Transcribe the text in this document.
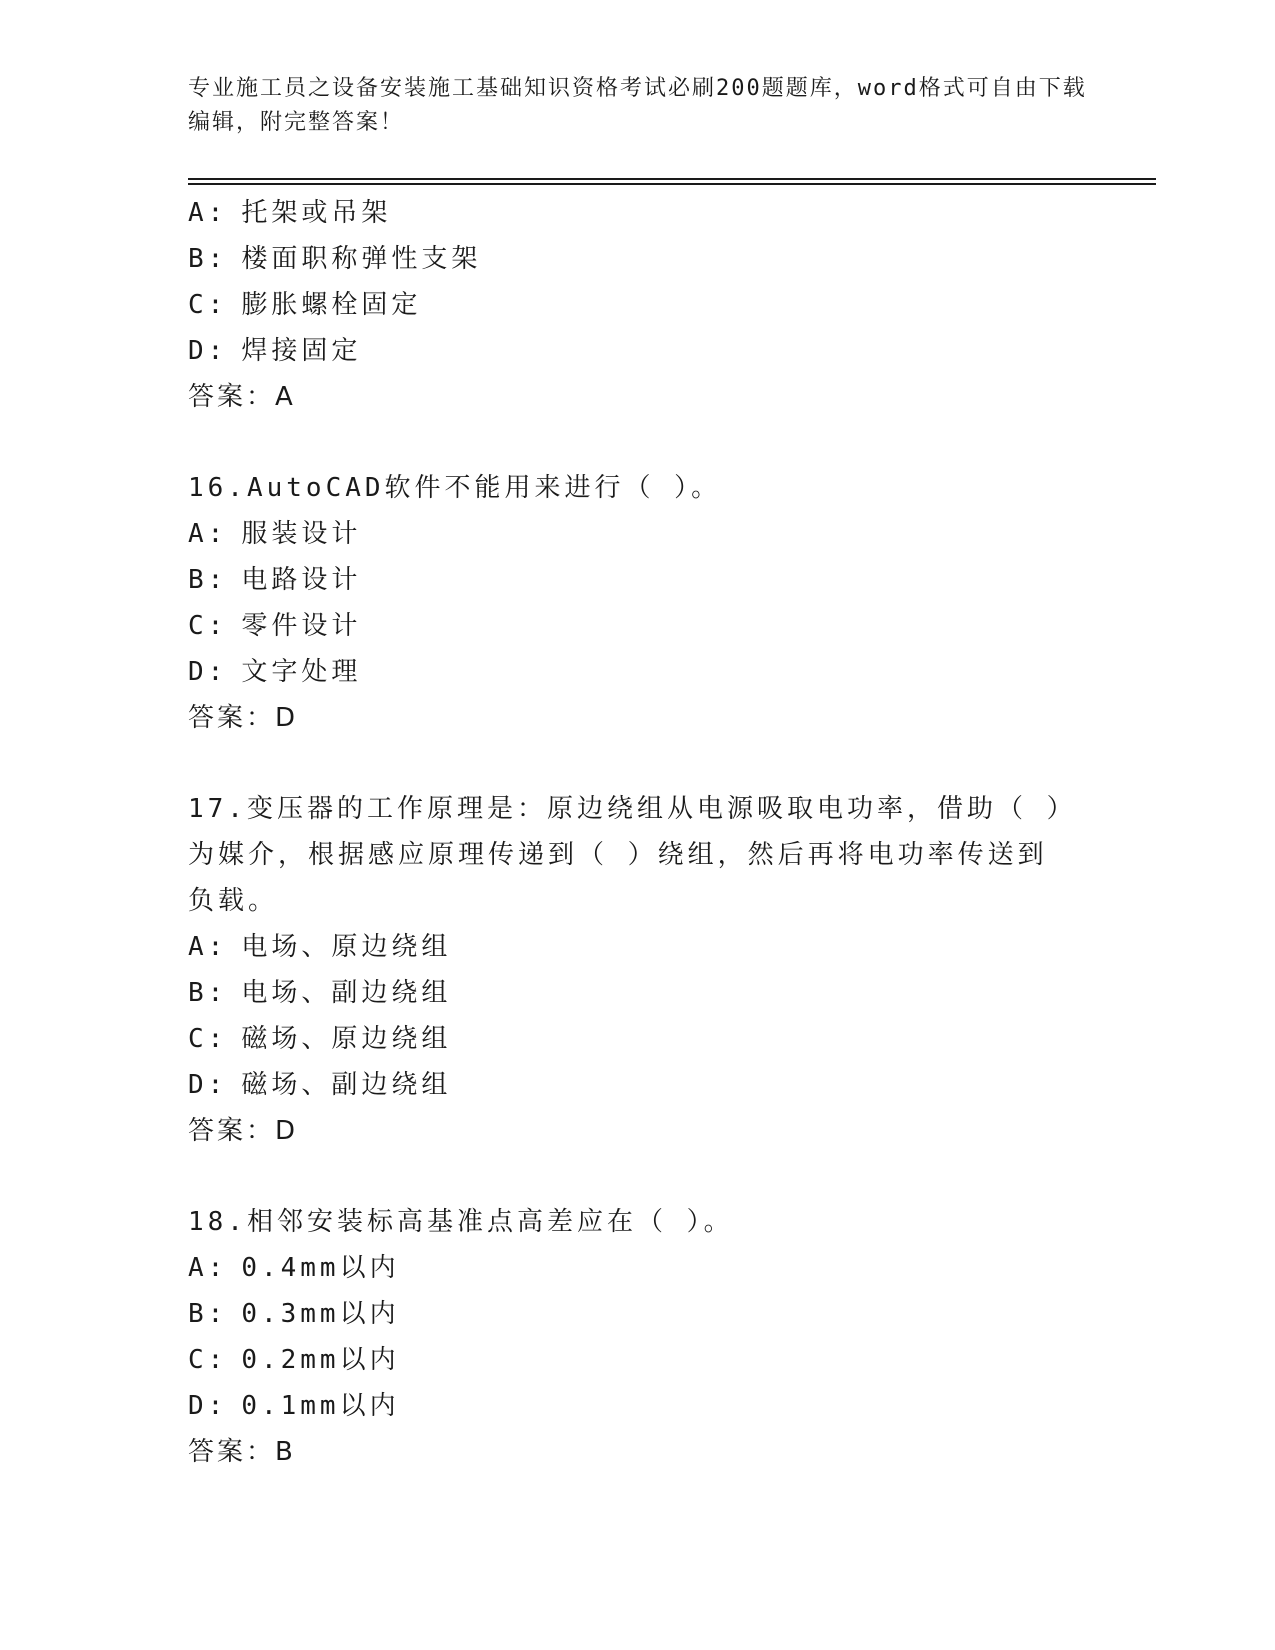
专业施工员之设备安装施工基础知识资格考试必刷200题题库，word格式可自由下载编辑，附完整答案！
A: 托架或吊架
B: 楼面职称弹性支架
C: 膨胀螺栓固定
D: 焊接固定
答案：A
16.AutoCAD软件不能用来进行（ ）。
A: 服装设计
B: 电路设计
C: 零件设计
D: 文字处理
答案：D
17.变压器的工作原理是：原边绕组从电源吸取电功率，借助（ ）为媒介，根据感应原理传递到（ ）绕组，然后再将电功率传送到负载。
A: 电场、原边绕组
B: 电场、副边绕组
C: 磁场、原边绕组
D: 磁场、副边绕组
答案：D
18.相邻安装标高基准点高差应在（ ）。
A: 0.4mm以内
B: 0.3mm以内
C: 0.2mm以内
D: 0.1mm以内
答案：B
